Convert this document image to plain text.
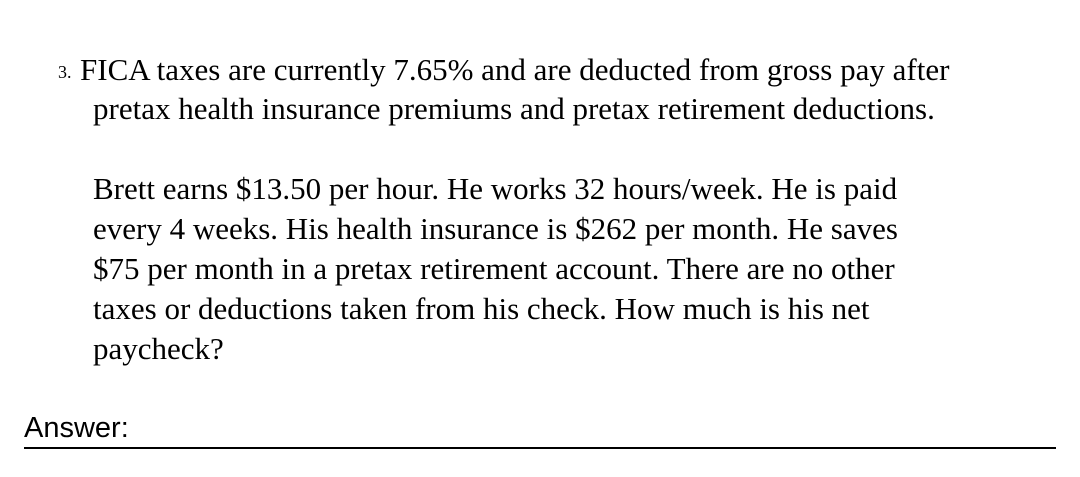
3. FICA taxes are currently 7.65% and are deducted from gross pay after
pretax health insurance premiums and pretax retirement deductions.
Brett earns $13.50 per hour. He works 32 hours/week. He is paid
every 4 weeks. His health insurance is $262 per month. He saves
$75 per month in a pretax retirement account. There are no other
taxes or deductions taken from his check. How much is his net
paycheck?
Answer:
